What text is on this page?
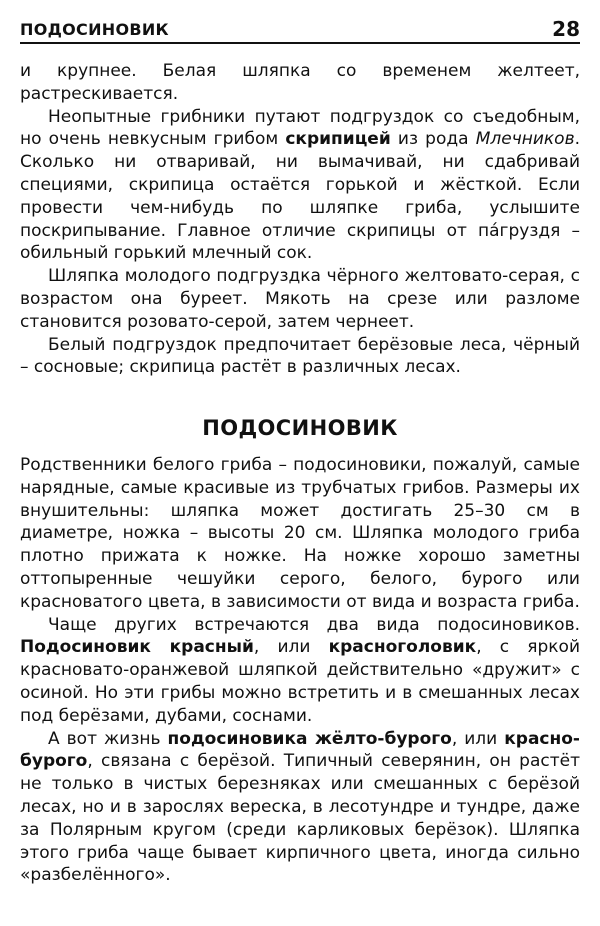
ПОДОСИНОВИК	28

и крупнее. Белая шляпка со временем желтеет, растрескивается.

Неопытные грибники путают подгруздок со съедобным, но очень невкусным грибом скрипицей из рода Млечников. Сколько ни отваривай, ни вымачивай, ни сдабривай специями, скрипица остаётся горькой и жёсткой. Если провести чем-нибудь по шляпке гриба, услышите поскрипывание. Главное отличие скрипицы от пáгруздя – обильный горький млечный сок.

Шляпка молодого подгруздка чёрного желтовато-серая, с возрастом она буреет. Мякоть на срезе или разломе становится розовато-серой, затем чернеет.

Белый подгруздок предпочитает берёзовые леса, чёрный – сосновые; скрипица растёт в различных лесах.

ПОДОСИНОВИК

Родственники белого гриба – подосиновики, пожалуй, самые нарядные, самые красивые из трубчатых грибов. Размеры их внушительны: шляпка может достигать 25–30 см в диаметре, ножка – высоты 20 см. Шляпка молодого гриба плотно прижата к ножке. На ножке хорошо заметны оттопыренные чешуйки серого, белого, бурого или красноватого цвета, в зависимости от вида и возраста гриба.

Чаще других встречаются два вида подосиновиков. Подосиновик красный, или красноголовик, с яркой красновато-оранжевой шляпкой действительно «дружит» с осиной. Но эти грибы можно встретить и в смешанных лесах под берёзами, дубами, соснами.

А вот жизнь подосиновика жёлто-бурого, или красно-бурого, связана с берёзой. Типичный северянин, он растёт не только в чистых березняках или смешанных с берёзой лесах, но и в зарослях вереска, в лесотундре и тундре, даже за Полярным кругом (среди карликовых берёзок). Шляпка этого гриба чаще бывает кирпичного цвета, иногда сильно «разбелённого».
